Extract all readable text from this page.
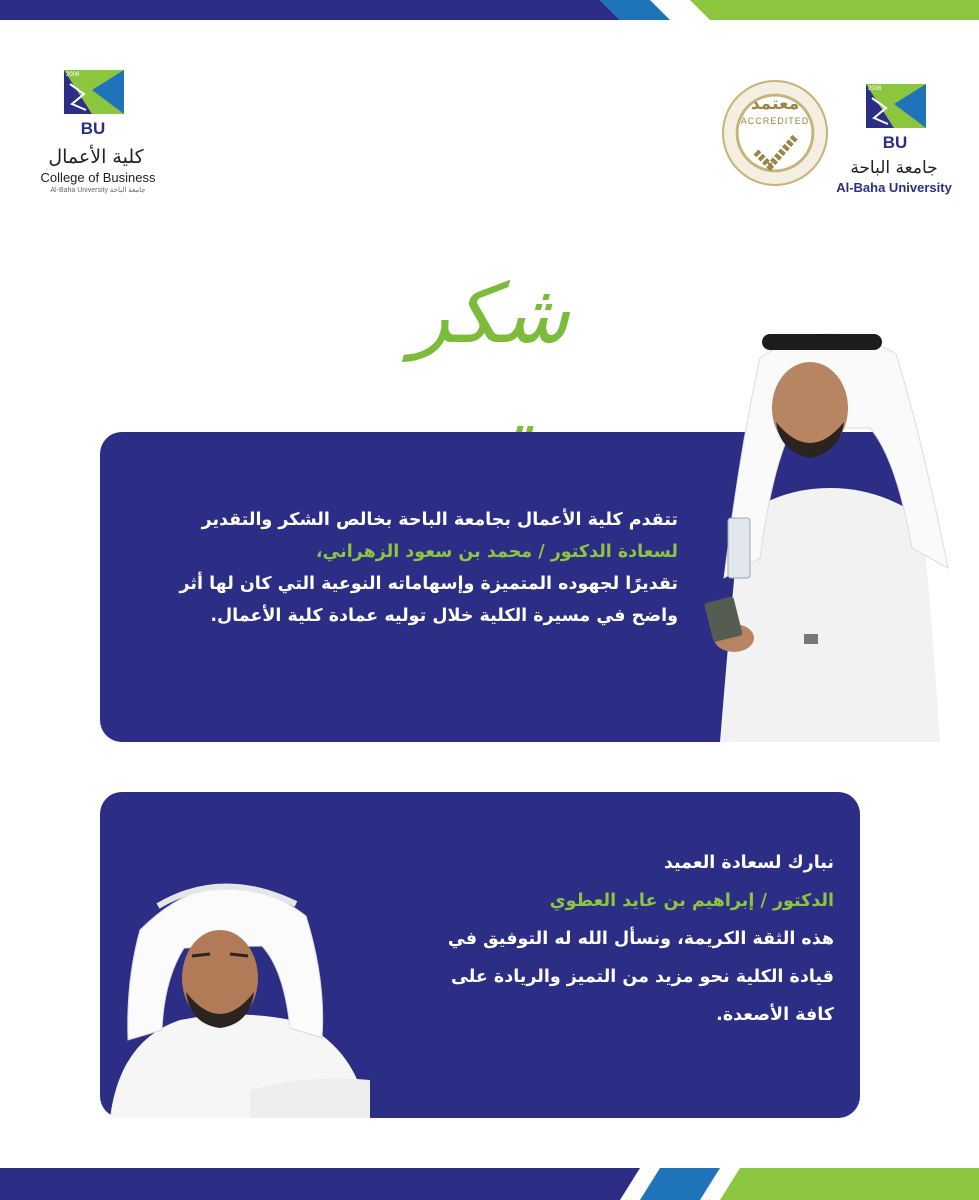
2006
BU
كلية الأعمال
College of Business
Al-Baha University جامعة الباحة
معتمد
ACCREDITED
2006
BU
جامعة الباحة
Al-Baha University
شكر
تتقدم كلية الأعمال بجامعة الباحة بخالص الشكر والتقدير
لسعادة الدكتور / محمد بن سعود الزهراني،
تقديرًا لجهوده المتميزة وإسهاماته النوعية التي كان لها أثر
واضح في مسيرة الكلية خلال توليه عمادة كلية الأعمال.
نبارك لسعادة العميد
الدكتور / إبراهيم بن عايد العطوي
هذه الثقة الكريمة، ونسأل الله له التوفيق في
قيادة الكلية نحو مزيد من التميز والريادة على
كافة الأصعدة.
